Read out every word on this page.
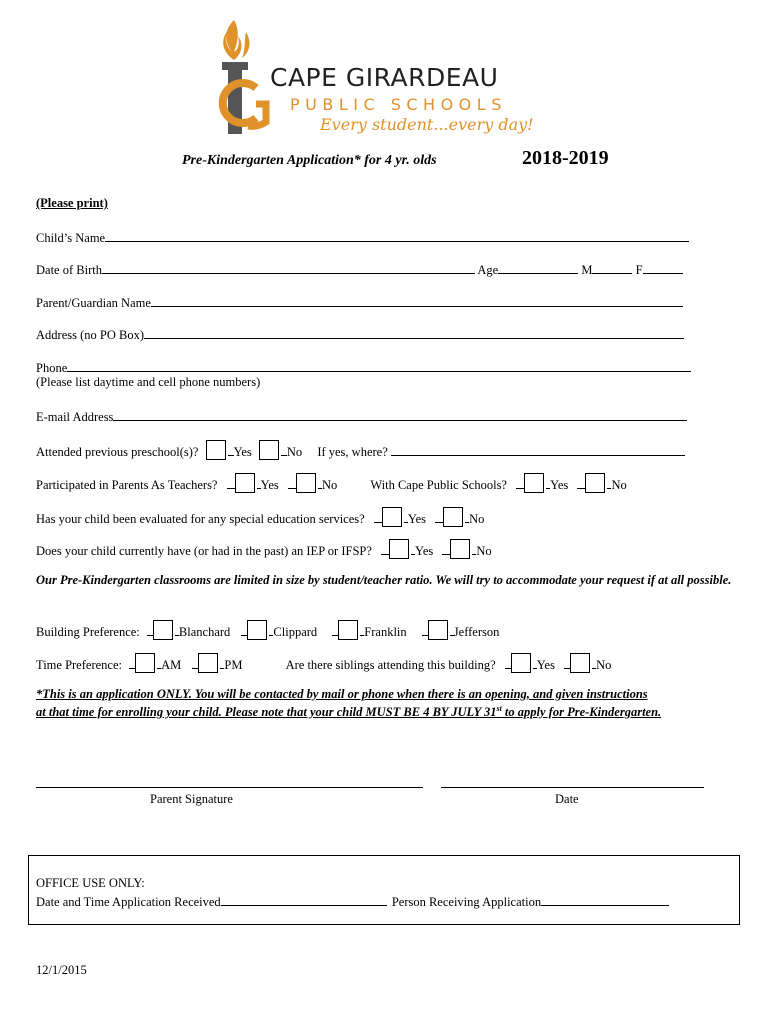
CAPE GIRARDEAU
PUBLIC SCHOOLS
Every student...every day!
Pre-Kindergarten Application* for 4 yr. olds	2018-2019
(Please print)
Child’s Name
Date of Birth	Age	M	F
Parent/Guardian Name
Address (no PO Box)
Phone
(Please list daytime and cell phone numbers)
E-mail Address
Attended previous preschool(s)?	Yes	No If yes, where?
Participated in Parents As Teachers?	Yes	No	With Cape Public Schools?	Yes	No
Has your child been evaluated for any special education services?	Yes	No
Does your child currently have (or had in the past) an IEP or IFSP?	Yes	No
Our Pre-Kindergarten classrooms are limited in size by student/teacher ratio. We will try to accommodate your request if at all possible.
Building Preference:	Blanchard	Clippard	Franklin	Jefferson
Time Preference:	AM	PM	Are there siblings attending this building?	Yes	No
*This is an application ONLY. You will be contacted by mail or phone when there is an opening, and given instructions
at that time for enrolling your child. Please note that your child MUST BE 4 BY JULY 31st to apply for Pre-Kindergarten.
Parent Signature	Date
OFFICE USE ONLY:
Date and Time Application Received	Person Receiving Application
12/1/2015
